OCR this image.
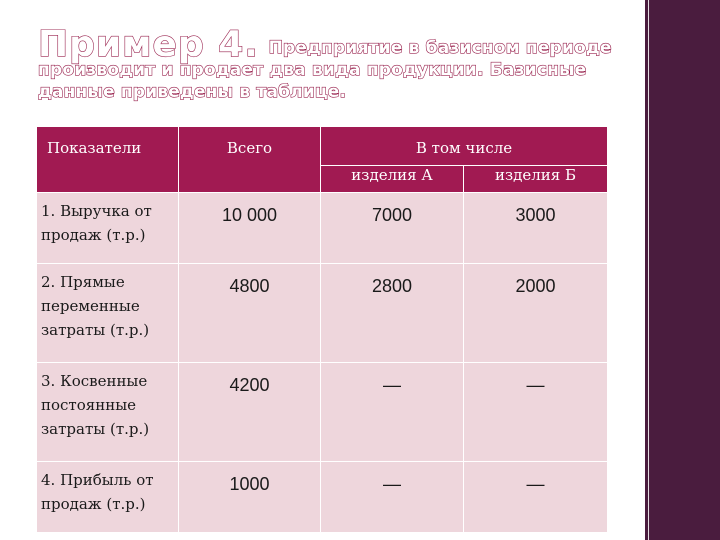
Пример 4. Предприятие в базисном периоде производит и продает два вида продукции. Базисные данные приведены в таблице.
Показатели	Всего	В том числе	
		изделия А	изделия Б
1. Выручка от продаж (т.р.)	10 000	7000	3000
2. Прямые переменные затраты (т.р.)	4800	2800	2000
3. Косвенные постоянные затраты (т.р.)	4200	—	—
4. Прибыль от продаж (т.р.)	1000	—	—
